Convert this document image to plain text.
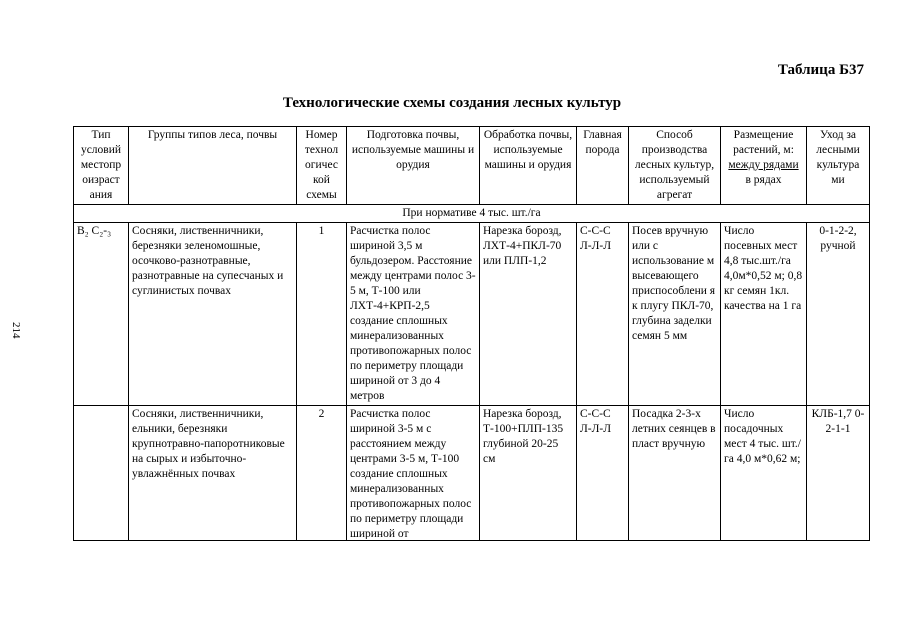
214
Таблица Б37
Технологические схемы создания лесных культур
Тип условий местопр оизраст ания	Группы типов леса, почвы	Номер технол огичес кой схемы	Подготовка почвы, используемые машины и орудия	Обработка почвы, используемые машины и орудия	Главная порода	Способ производства лесных культур, используемый агрегат	Размещение растений, м: между рядами
в рядах	Уход за лесными культура ми
При нормативе 4 тыс. шт./га								
В₂ С₂-₃	Сосняки, лиственничники, березняки зеленомошные, осочково-разнотравные, разнотравные на супесчаных и суглинистых почвах	1	Расчистка полос шириной 3,5 м бульдозером. Расстояние между центрами полос 3-5 м, Т-100 или ЛХТ-4+КРП-2,5 создание сплошных минерализованных противопожарных полос по периметру площади шириной от 3 до 4 метров	Нарезка борозд, ЛХТ-4+ПКЛ-70 или ПЛП-1,2	С-С-С Л-Л-Л	Посев вручную или с использование м высевающего приспособлени я к плугу ПКЛ-70, глубина заделки семян 5 мм	Число посевных мест 4,8 тыс.шт./га 4,0м*0,52 м; 0,8 кг семян 1кл. качества на 1 га	0-1-2-2, ручной
	Сосняки, лиственничники, ельники, березняки крупнотравно-папоротниковые на сырых и избыточно-увлажнённых почвах	2	Расчистка полос шириной 3-5 м с расстоянием между центрами 3-5 м, Т-100 создание сплошных минерализованных противопожарных полос по периметру площади шириной от	Нарезка борозд, Т-100+ПЛП-135 глубиной 20-25 см	С-С-С Л-Л-Л	Посадка 2-3-х летних сеянцев в пласт вручную	Число посадочных мест 4 тыс. шт./га 4,0 м*0,62 м;	КЛБ-1,7 0-2-1-1
